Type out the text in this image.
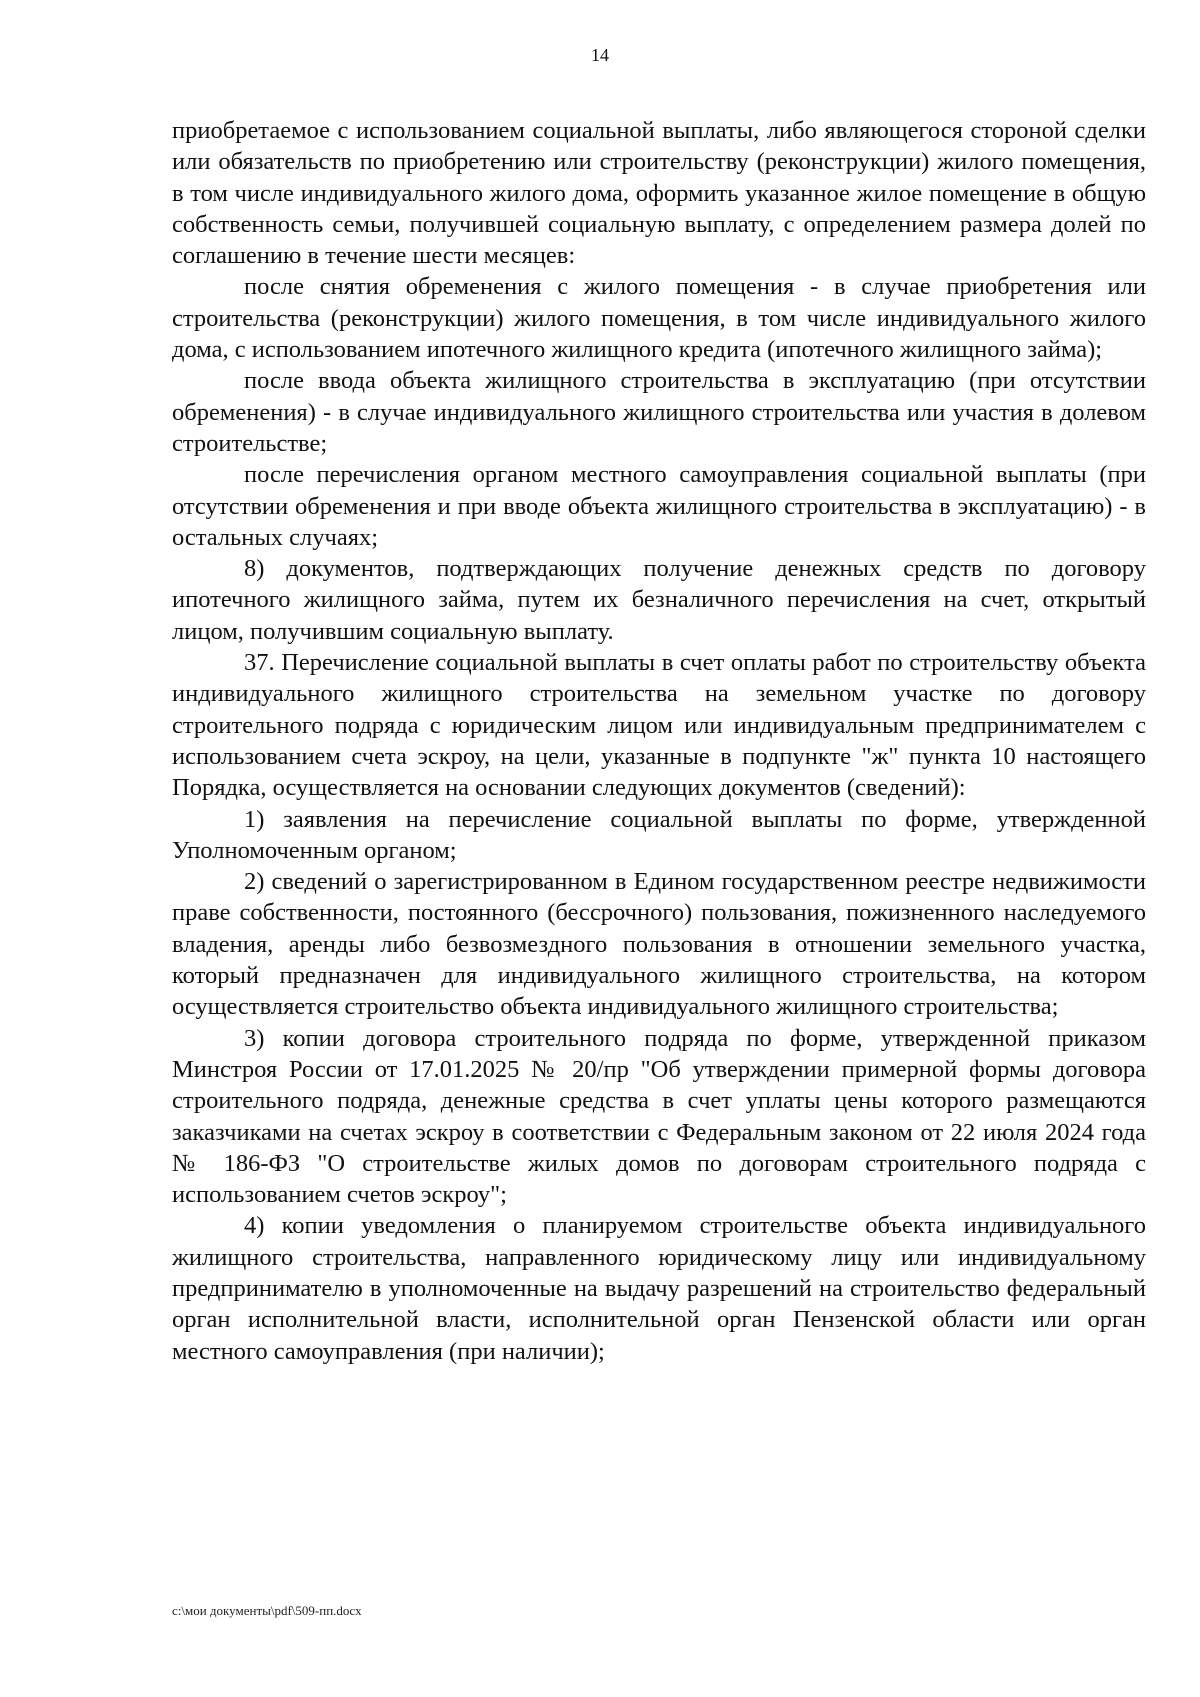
14

приобретаемое с использованием социальной выплаты, либо являющегося стороной сделки или обязательств по приобретению или строительству (реконструкции) жилого помещения, в том числе индивидуального жилого дома, оформить указанное жилое помещение в общую собственность семьи, получившей социальную выплату, с определением размера долей по соглашению в течение шести месяцев:

после снятия обременения с жилого помещения - в случае приобретения или строительства (реконструкции) жилого помещения, в том числе индивидуального жилого дома, с использованием ипотечного жилищного кредита (ипотечного жилищного займа);

после ввода объекта жилищного строительства в эксплуатацию (при отсутствии обременения) - в случае индивидуального жилищного строительства или участия в долевом строительстве;

после перечисления органом местного самоуправления социальной выплаты (при отсутствии обременения и при вводе объекта жилищного строительства в эксплуатацию) - в остальных случаях;

8) документов, подтверждающих получение денежных средств по договору ипотечного жилищного займа, путем их безналичного перечисления на счет, открытый лицом, получившим социальную выплату.

37. Перечисление социальной выплаты в счет оплаты работ по строительству объекта индивидуального жилищного строительства на земельном участке по договору строительного подряда с юридическим лицом или индивидуальным предпринимателем с использованием счета эскроу, на цели, указанные в подпункте "ж" пункта 10 настоящего Порядка, осуществляется на основании следующих документов (сведений):

1) заявления на перечисление социальной выплаты по форме, утвержденной Уполномоченным органом;

2) сведений о зарегистрированном в Едином государственном реестре недвижимости праве собственности, постоянного (бессрочного) пользования, пожизненного наследуемого владения, аренды либо безвозмездного пользования в отношении земельного участка, который предназначен для индивидуального жилищного строительства, на котором осуществляется строительство объекта индивидуального жилищного строительства;

3) копии договора строительного подряда по форме, утвержденной приказом Минстроя России от 17.01.2025 № 20/пр "Об утверждении примерной формы договора строительного подряда, денежные средства в счет уплаты цены которого размещаются заказчиками на счетах эскроу в соответствии с Федеральным законом от 22 июля 2024 года № 186-ФЗ "О строительстве жилых домов по договорам строительного подряда с использованием счетов эскроу";

4) копии уведомления о планируемом строительстве объекта индивидуального жилищного строительства, направленного юридическому лицу или индивидуальному предпринимателю в уполномоченные на выдачу разрешений на строительство федеральный орган исполнительной власти, исполнительной орган Пензенской области или орган местного самоуправления (при наличии);

c:\мои документы\pdf\509-пп.docx
